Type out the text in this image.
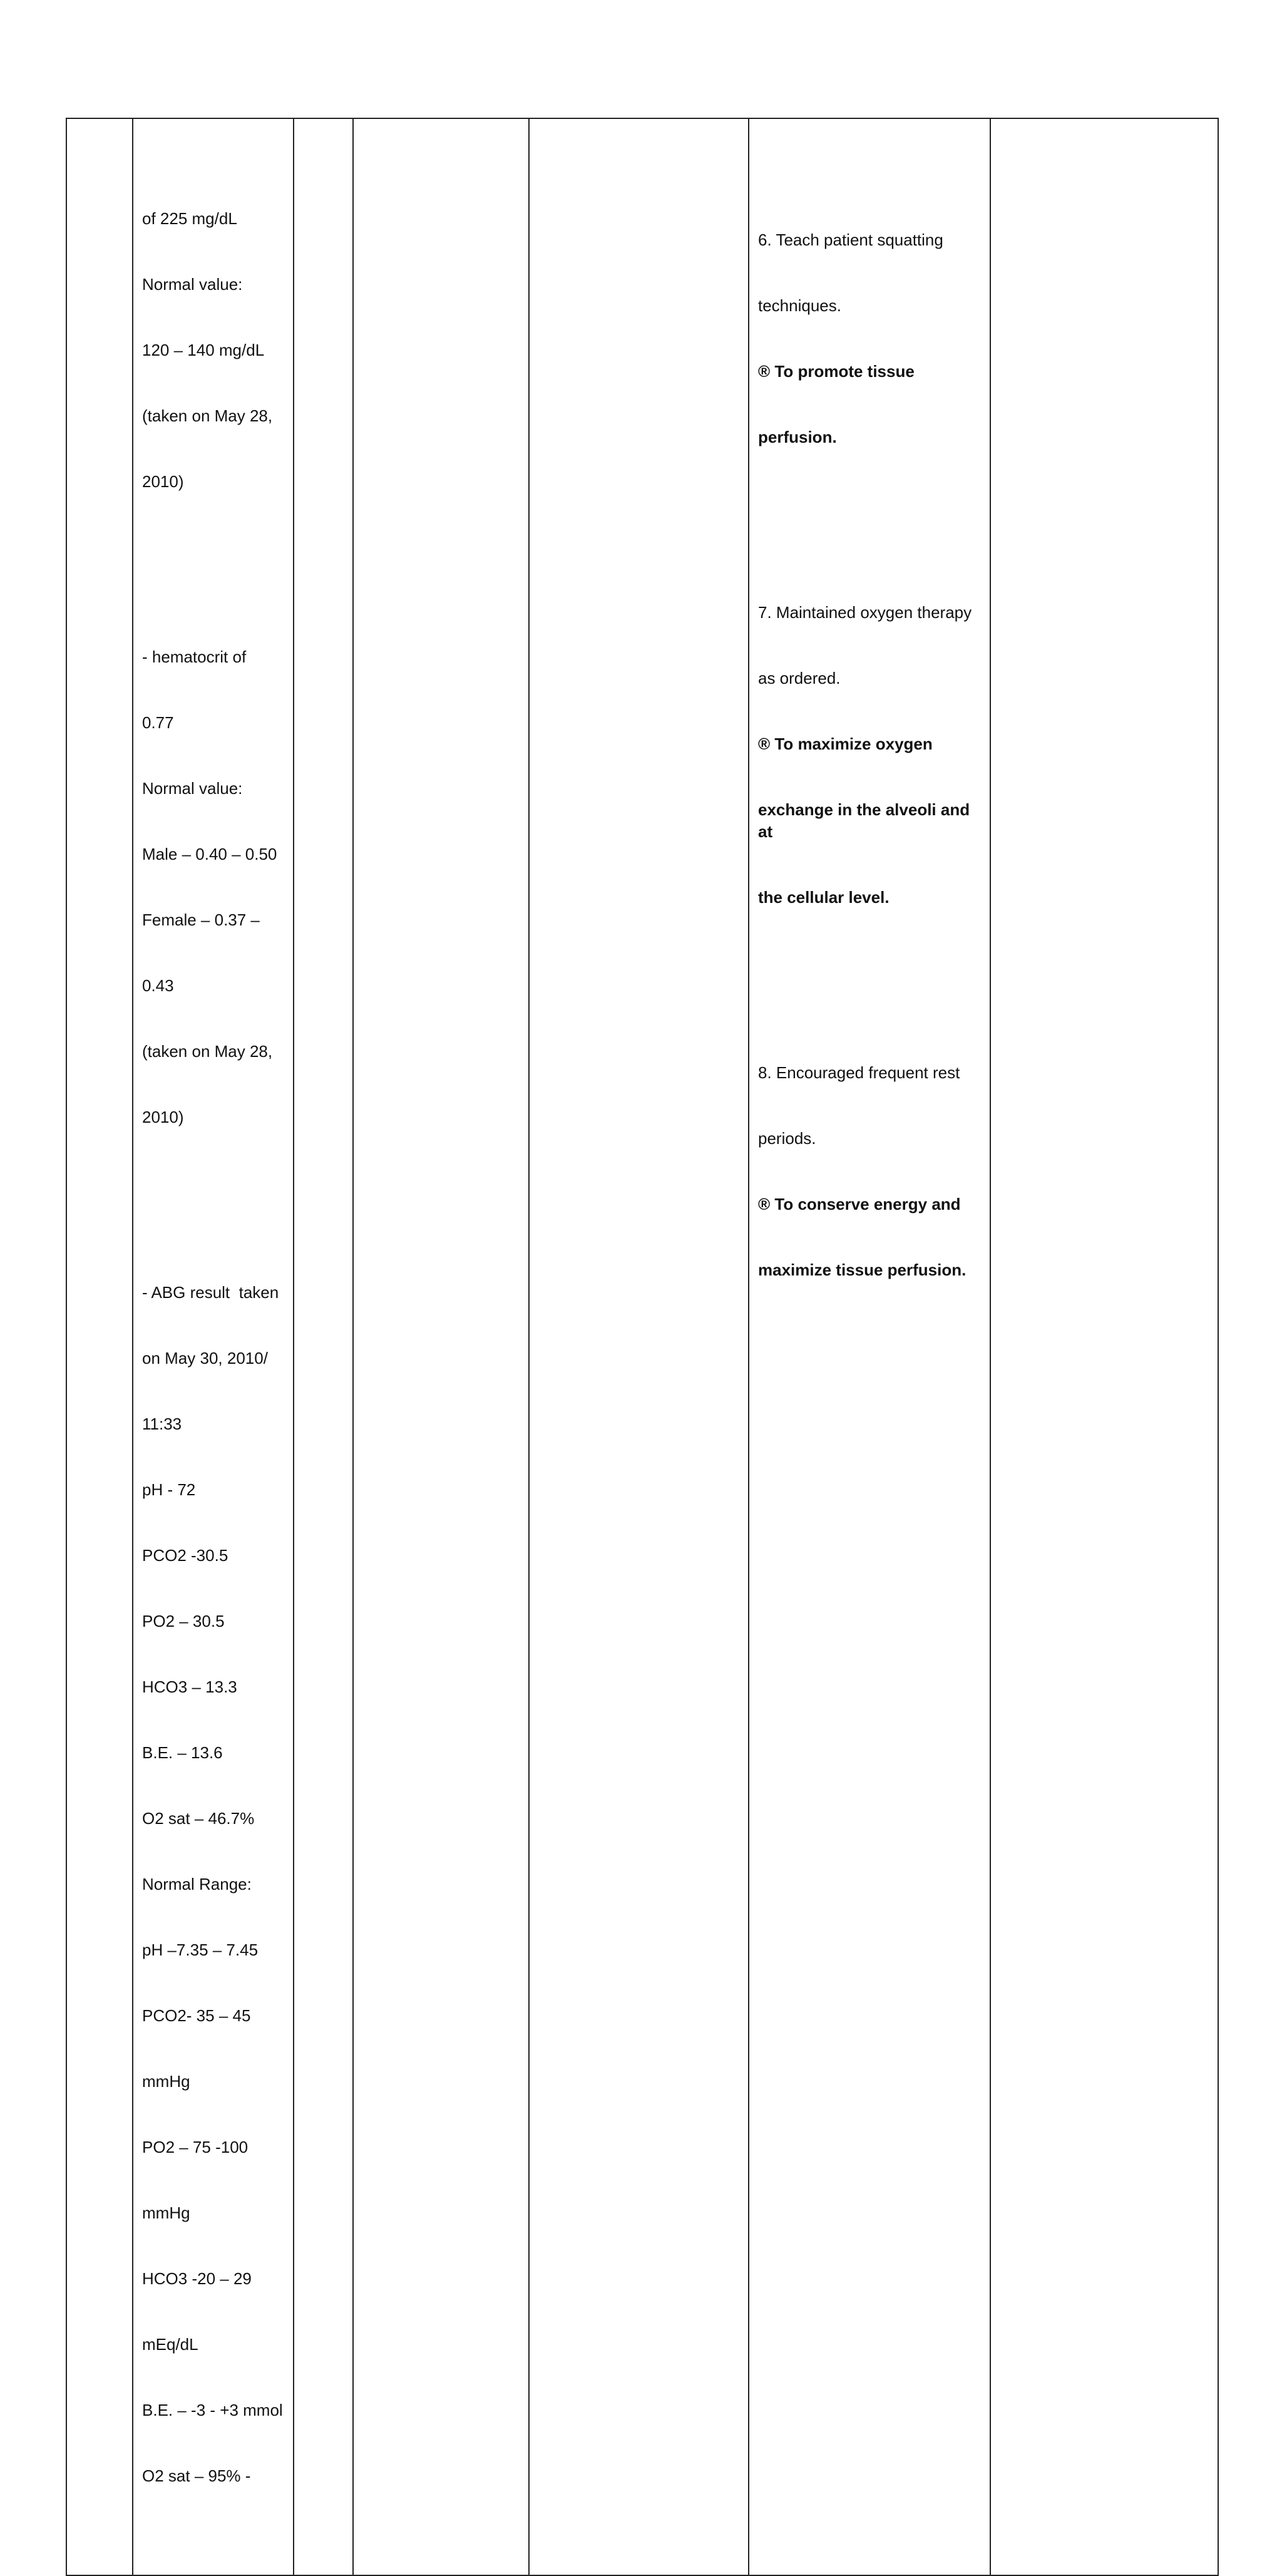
of 225 mg/dL

Normal value:

120 – 140 mg/dL

(taken on May 28,

2010)

- hematocrit of

0.77

Normal value:

Male – 0.40 – 0.50

Female – 0.37 –

0.43

(taken on May 28,

2010)

- ABG result  taken

on May 30, 2010/

11:33

pH - 72

PCO2 -30.5

PO2 – 30.5

HCO3 – 13.3

B.E. – 13.6

O2 sat – 46.7%

Normal Range:

pH –7.35 – 7.45

PCO2- 35 – 45

mmHg

PO2 – 75 -100

mmHg

HCO3 -20 – 29

mEq/dL

B.E. – -3 - +3 mmol

O2 sat – 95% -

6. Teach patient squatting

techniques.

® To promote tissue

perfusion.

7. Maintained oxygen therapy

as ordered.

® To maximize oxygen

exchange in the alveoli and at

the cellular level.

8. Encouraged frequent rest

periods.

® To conserve energy and

maximize tissue perfusion.
